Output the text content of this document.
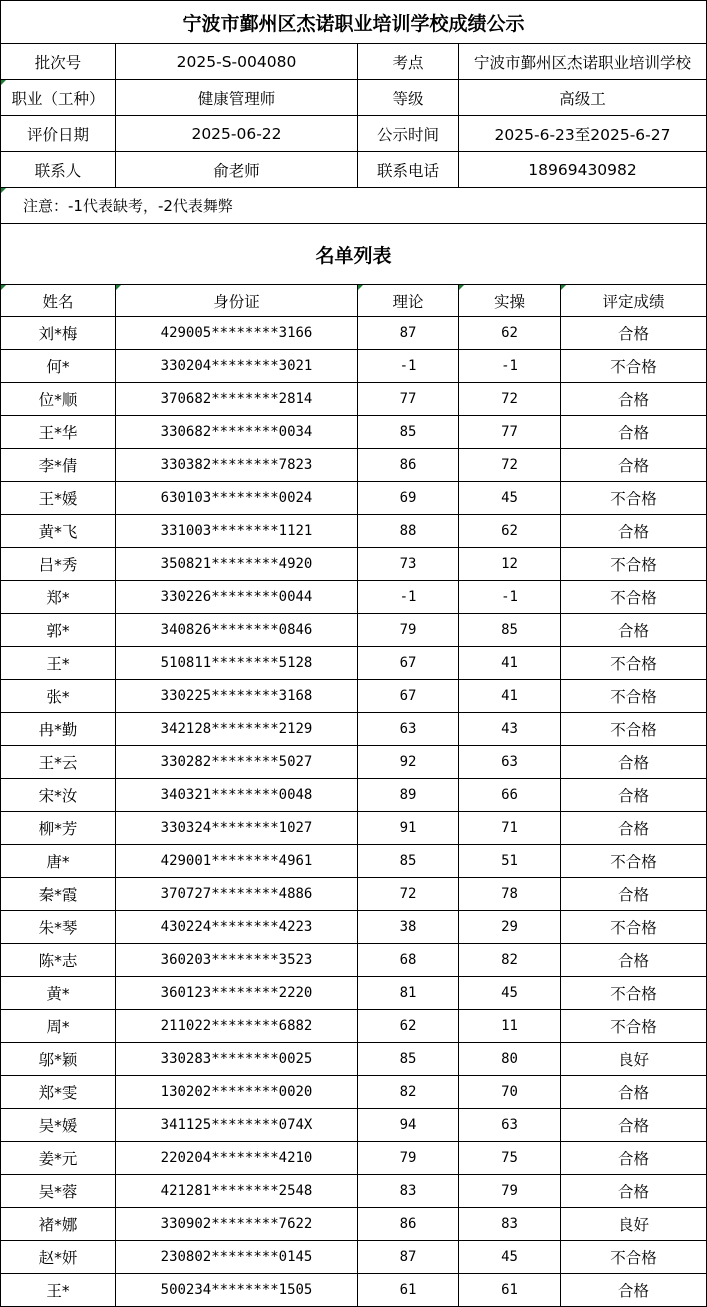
宁波市鄞州区杰诺职业培训学校成绩公示				
批次号	2025-S-004080	考点	宁波市鄞州区杰诺职业培训学校	
职业（工种）	健康管理师	等级	高级工	
评价日期	2025-06-22	公示时间	2025-6-23至2025-6-27	
联系人	俞老师	联系电话	18969430982	
注意：-1代表缺考，-2代表舞弊				
名单列表				
姓名	身份证	理论	实操	评定成绩
刘*梅	429005********3166	87	62	合格
何*	330204********3021	-1	-1	不合格
位*顺	370682********2814	77	72	合格
王*华	330682********0034	85	77	合格
李*倩	330382********7823	86	72	合格
王*媛	630103********0024	69	45	不合格
黄*飞	331003********1121	88	62	合格
吕*秀	350821********4920	73	12	不合格
郑*	330226********0044	-1	-1	不合格
郭*	340826********0846	79	85	合格
王*	510811********5128	67	41	不合格
张*	330225********3168	67	41	不合格
冉*勤	342128********2129	63	43	不合格
王*云	330282********5027	92	63	合格
宋*汝	340321********0048	89	66	合格
柳*芳	330324********1027	91	71	合格
唐*	429001********4961	85	51	不合格
秦*霞	370727********4886	72	78	合格
朱*琴	430224********4223	38	29	不合格
陈*志	360203********3523	68	82	合格
黄*	360123********2220	81	45	不合格
周*	211022********6882	62	11	不合格
邬*颖	330283********0025	85	80	良好
郑*雯	130202********0020	82	70	合格
吴*媛	341125********074X	94	63	合格
姜*元	220204********4210	79	75	合格
吴*蓉	421281********2548	83	79	合格
褚*娜	330902********7622	86	83	良好
赵*妍	230802********0145	87	45	不合格
王*	500234********1505	61	61	合格
